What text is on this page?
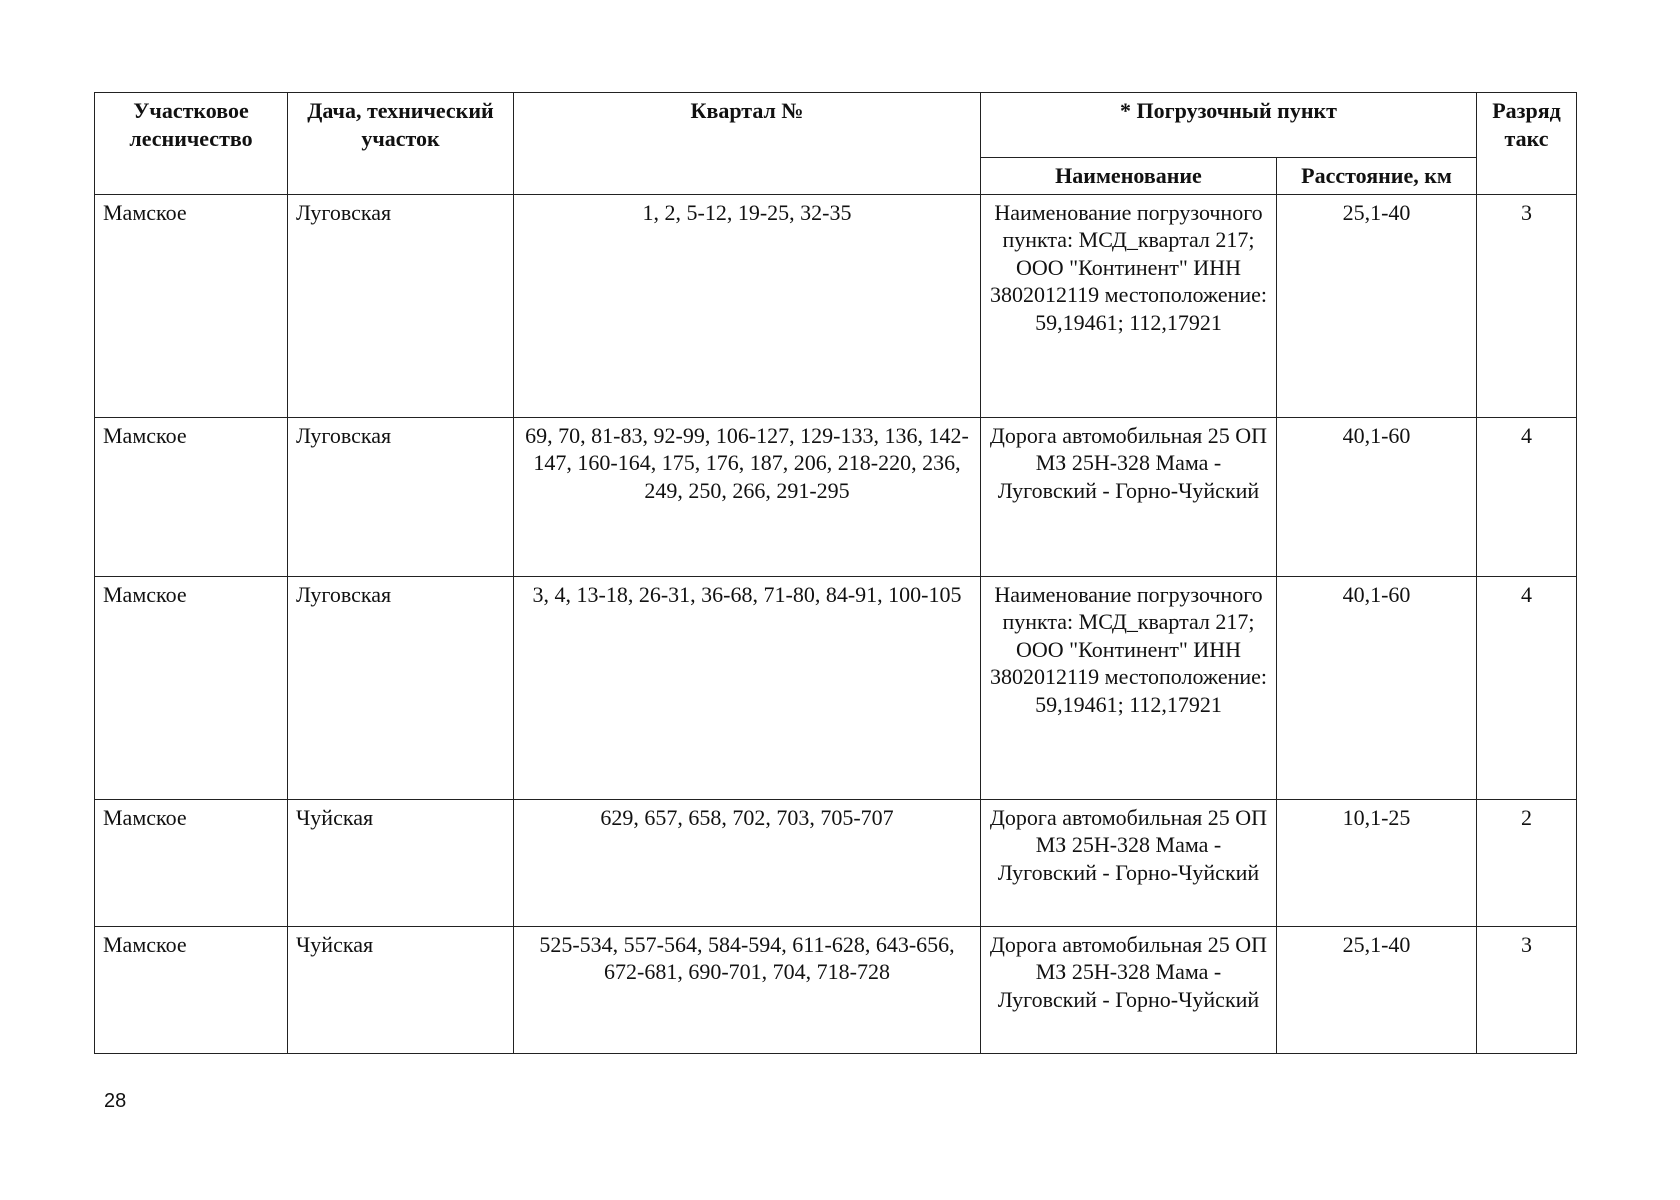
Участковое лесничество	Дача, технический участок	Квартал №	* Погрузочный пункт		Разряд такс
			Наименование	Расстояние, км	
Мамское	Луговская	1, 2, 5-12, 19-25, 32-35	Наименование погрузочного пункта: МСД_квартал 217; ООО "Континент" ИНН 3802012119 местоположение: 59,19461; 112,17921	25,1-40	3
Мамское	Луговская	69, 70, 81-83, 92-99, 106-127, 129-133, 136, 142-147, 160-164, 175, 176, 187, 206, 218-220, 236, 249, 250, 266, 291-295	Дорога автомобильная 25 ОП МЗ 25Н-328 Мама - Луговский - Горно-Чуйский	40,1-60	4
Мамское	Луговская	3, 4, 13-18, 26-31, 36-68, 71-80, 84-91, 100-105	Наименование погрузочного пункта: МСД_квартал 217; ООО "Континент" ИНН 3802012119 местоположение: 59,19461; 112,17921	40,1-60	4
Мамское	Чуйская	629, 657, 658, 702, 703, 705-707	Дорога автомобильная 25 ОП МЗ 25Н-328 Мама - Луговский - Горно-Чуйский	10,1-25	2
Мамское	Чуйская	525-534, 557-564, 584-594, 611-628, 643-656, 672-681, 690-701, 704, 718-728	Дорога автомобильная 25 ОП МЗ 25Н-328 Мама - Луговский - Горно-Чуйский	25,1-40	3
28
